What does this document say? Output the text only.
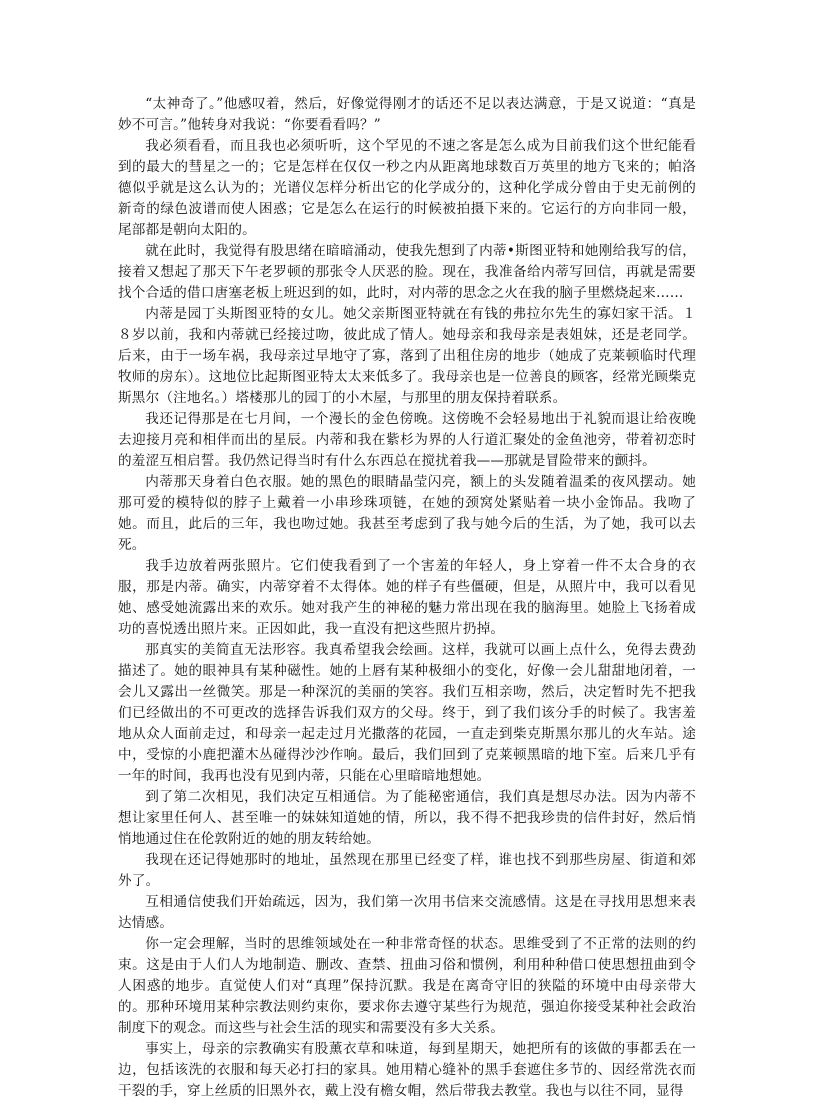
“太神奇了。”他感叹着，然后，好像觉得刚才的话还不足以表达满意，于是又说道：“真是妙不可言。”他转身对我说：“你要看看吗？”

我必须看看，而且我也必须听听，这个罕见的不速之客是怎么成为目前我们这个世纪能看到的最大的彗星之一的；它是怎样在仅仅一秒之内从距离地球数百万英里的地方飞来的；帕洛德似乎就是这么认为的；光谱仪怎样分析出它的化学成分的，这种化学成分曾由于史无前例的新奇的绿色波谱而使人困惑；它是怎么在运行的时候被拍摄下来的。它运行的方向非同一般，尾部都是朝向太阳的。

就在此时，我觉得有股思绪在暗暗涌动，使我先想到了内蒂•斯图亚特和她刚给我写的信，接着又想起了那天下午老罗顿的那张令人厌恶的脸。现在，我准备给内蒂写回信，再就是需要找个合适的借口唐塞老板上班迟到的如，此时，对内蒂的思念之火在我的脑子里燃烧起来……

内蒂是园丁头斯图亚特的女儿。她父亲斯图亚特就在有钱的弗拉尔先生的寡妇家干活。１８岁以前，我和内蒂就已经接过吻，彼此成了情人。她母亲和我母亲是表姐妹，还是老同学。后来，由于一场车祸，我母亲过早地守了寡，落到了出租住房的地步（她成了克莱顿临时代理牧师的房东）。这地位比起斯图亚特太太来低多了。我母亲也是一位善良的顾客，经常光顾柴克斯黑尔（注地名。）塔楼那儿的园丁的小木屋，与那里的朋友保持着联系。

我还记得那是在七月间，一个漫长的金色傍晚。这傍晚不会轻易地出于礼貌而退让给夜晚去迎接月亮和相伴而出的星辰。内蒂和我在紫杉为界的人行道汇聚处的金鱼池旁，带着初恋时的羞涩互相启誓。我仍然记得当时有什么东西总在搅扰着我——那就是冒险带来的颤抖。

内蒂那天身着白色衣服。她的黑色的眼睛晶莹闪亮，额上的头发随着温柔的夜风摆动。她那可爱的模特似的脖子上戴着一小串珍珠项链，在她的颈窝处紧贴着一块小金饰品。我吻了她。而且，此后的三年，我也吻过她。我甚至考虑到了我与她今后的生活，为了她，我可以去死。

我手边放着两张照片。它们使我看到了一个害羞的年轻人，身上穿着一件不太合身的衣服，那是内蒂。确实，内蒂穿着不太得体。她的样子有些僵硬，但是，从照片中，我可以看见她、感受她流露出来的欢乐。她对我产生的神秘的魅力常出现在我的脑海里。她脸上飞扬着成功的喜悦透出照片来。正因如此，我一直没有把这些照片扔掉。

那真实的美简直无法形容。我真希望我会绘画。这样，我就可以画上点什么，免得去费劲描述了。她的眼神具有某种磁性。她的上唇有某种极细小的变化，好像一会儿甜甜地闭着，一会儿又露出一丝微笑。那是一种深沉的美丽的笑容。我们互相亲吻，然后，决定暂时先不把我们已经做出的不可更改的选择告诉我们双方的父母。终于，到了我们该分手的时候了。我害羞地从众人面前走过，和母亲一起走过月光撒落的花园，一直走到柴克斯黑尔那儿的火车站。途中，受惊的小鹿把灌木丛碰得沙沙作响。最后，我们回到了克莱顿黑暗的地下室。后来几乎有一年的时间，我再也没有见到内蒂，只能在心里暗暗地想她。

到了第二次相见，我们决定互相通信。为了能秘密通信，我们真是想尽办法。因为内蒂不想让家里任何人、甚至唯一的妹妹知道她的情，所以，我不得不把我珍贵的信件封好，然后悄悄地通过住在伦敦附近的她的朋友转给她。

我现在还记得她那时的地址，虽然现在那里已经变了样，谁也找不到那些房屋、街道和郊外了。

互相通信使我们开始疏远，因为，我们第一次用书信来交流感情。这是在寻找用思想来表达情感。

你一定会理解，当时的思维领域处在一种非常奇怪的状态。思维受到了不正常的法则的约束。这是由于人们人为地制造、删改、查禁、扭曲习俗和惯例，利用种种借口使思想扭曲到令人困惑的地步。直觉使人们对“真理”保持沉默。我是在离奇守旧的狭隘的环境中由母亲带大的。那种环境用某种宗教法则约束你，要求你去遵守某些行为规范，强迫你接受某种社会政治制度下的观念。而这些与社会生活的现实和需要没有多大关系。

事实上，母亲的宗教确实有股薰衣草和味道，每到星期天，她把所有的该做的事都丢在一边，包括该洗的衣服和每天必打扫的家具。她用精心缝补的黑手套遮住多节的、因经常洗衣而干裂的手，穿上丝质的旧黑外衣，戴上没有檐女帽，然后带我去教堂。我也与以往不同，显得
